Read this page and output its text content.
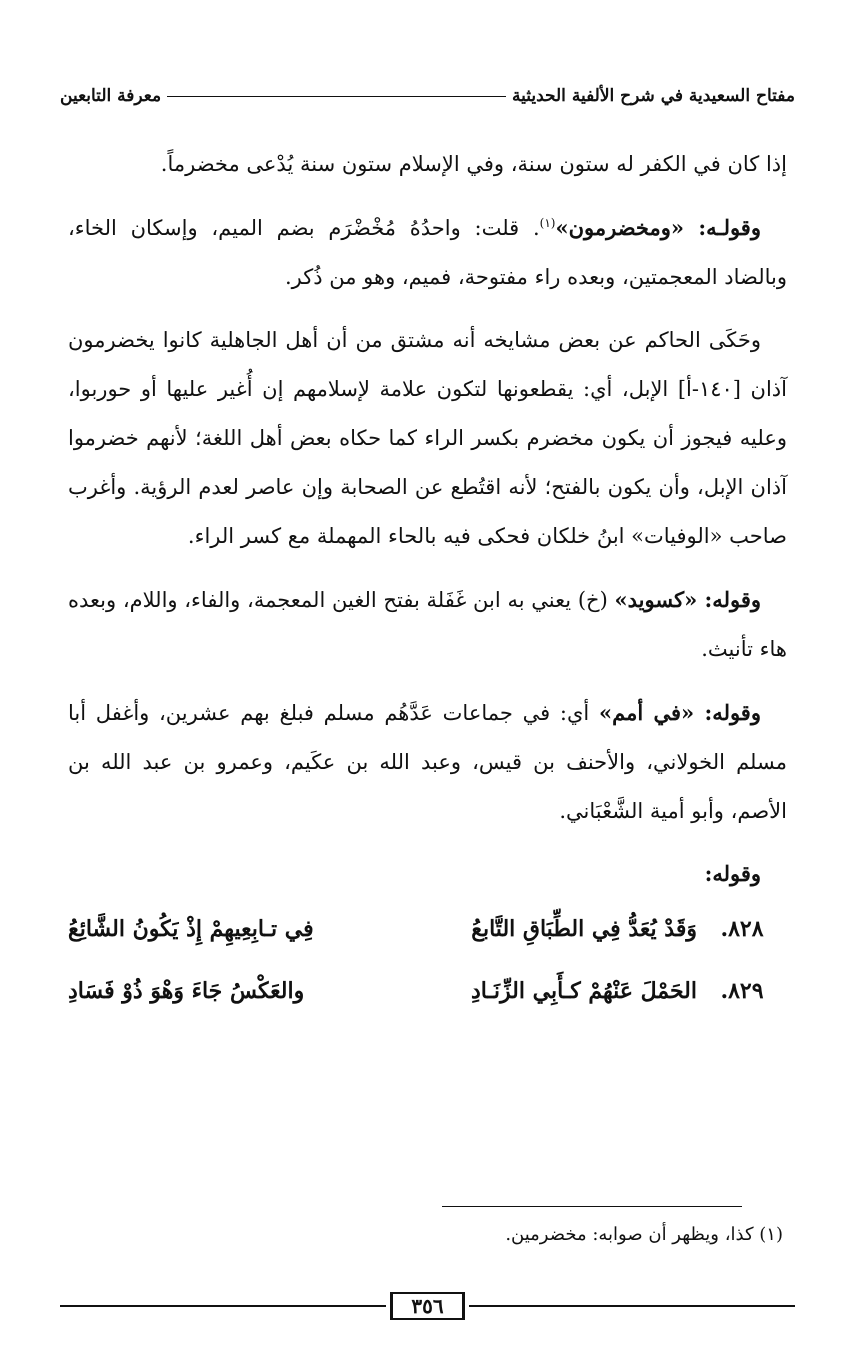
مفتاح السعيدية في شرح الألفية الحديثية
معرفة التابعين

إذا كان في الكفر له ستون سنة، وفي الإسلام ستون سنة يُدْعى مخضرماً.

وقولـه: «ومخضرمون»$^{(١)}$. قلت: واحدُهُ مُخْضْرَم بضم الميم، وإسكان الخاء، وبالضاد المعجمتين، وبعده راء مفتوحة، فميم، وهو من ذُكر.

وحَكَى الحاكم عن بعض مشايخه أنه مشتق من أن أهل الجاهلية كانوا يخضرمون آذان [١٤٠-أ] الإبل، أي: يقطعونها لتكون علامة لإسلامهم إن أُغير عليها أو حوربوا، وعليه فيجوز أن يكون مخضرم بكسر الراء كما حكاه بعض أهل اللغة؛ لأنهم خضرموا آذان الإبل، وأن يكون بالفتح؛ لأنه اقتُطع عن الصحابة وإن عاصر لعدم الرؤية. وأغرب صاحب «الوفيات» ابنُ خلكان فحكى فيه بالحاء المهملة مع كسر الراء.

وقوله: «كسويد» (خ) يعني به ابن غَفَلة بفتح الغين المعجمة، والفاء، واللام، وبعده هاء تأنيث.

وقوله: «في أمم» أي: في جماعات عَدَّهُم مسلم فبلغ بهم عشرين، وأغفل أبا مسلم الخولاني، والأحنف بن قيس، وعبد الله بن عكَيم، وعمرو بن عبد الله بن الأصم، وأبو أمية الشَّعْبَاني.

وقوله:

٨٢٨.
وَقَدْ يُعَدُّ فِي الطِّبَاقِ التَّابعُ
فِي تـابِعِيهِمْ إِذْ يَكُونُ الشَّائِعُ
٨٢٩.
الحَمْلَ عَنْهُمْ كـأَبِي الزِّنَـادِ
والعَكْسُ جَاءَ وَهْوَ ذُوْ فَسَادِ
(١) كذا، ويظهر أن صوابه: مخضرمين.
٣٥٦
